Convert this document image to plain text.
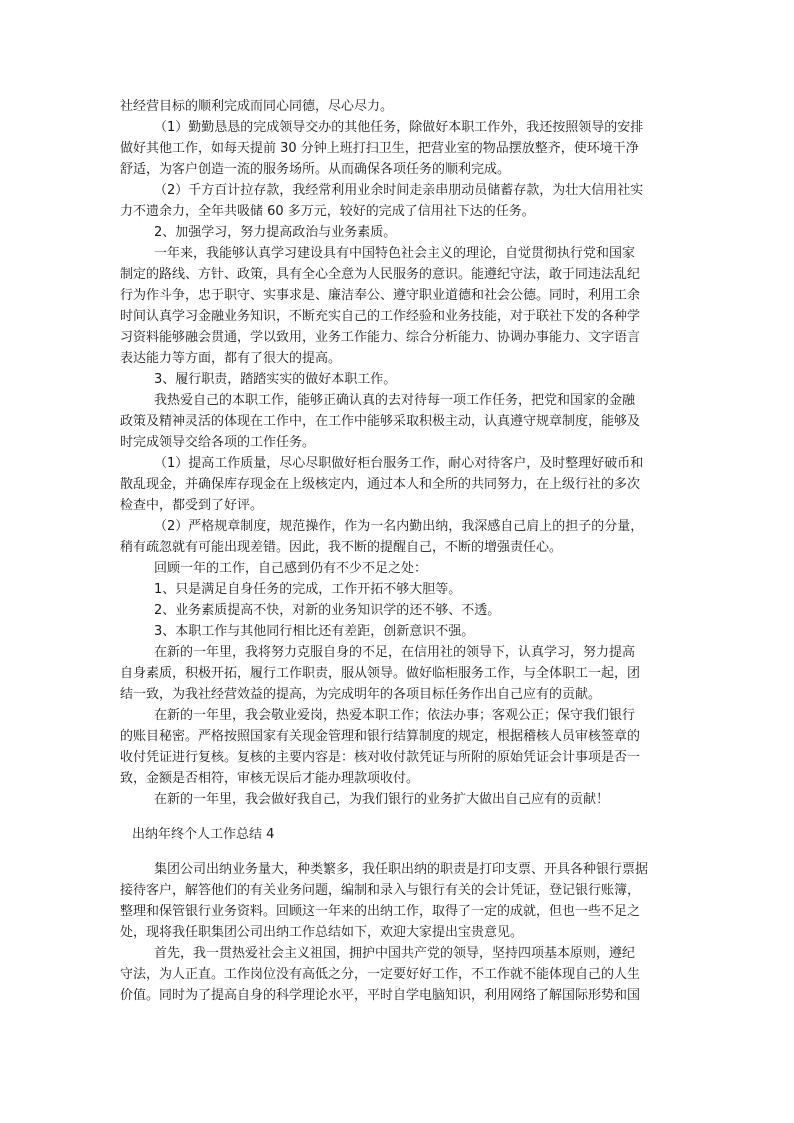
社经营目标的顺利完成而同心同德，尽心尽力。
（1）勤勤恳恳的完成领导交办的其他任务，除做好本职工作外，我还按照领导的安排
做好其他工作，如每天提前 30 分钟上班打扫卫生，把营业室的物品摆放整齐，使环境干净
舒适，为客户创造一流的服务场所。从而确保各项任务的顺利完成。
（2）千方百计拉存款，我经常利用业余时间走亲串朋动员储蓄存款，为壮大信用社实
力不遗余力，全年共吸储 60 多万元，较好的完成了信用社下达的任务。
2、加强学习，努力提高政治与业务素质。
一年来，我能够认真学习建设具有中国特色社会主义的理论，自觉贯彻执行党和国家
制定的路线、方针、政策，具有全心全意为人民服务的意识。能遵纪守法，敢于同违法乱纪
行为作斗争，忠于职守、实事求是、廉洁奉公、遵守职业道德和社会公德。同时，利用工余
时间认真学习金融业务知识，不断充实自己的工作经验和业务技能，对于联社下发的各种学
习资料能够融会贯通，学以致用，业务工作能力、综合分析能力、协调办事能力、文字语言
表达能力等方面，都有了很大的提高。
3、履行职责，踏踏实实的做好本职工作。
我热爱自己的本职工作，能够正确认真的去对待每一项工作任务，把党和国家的金融
政策及精神灵活的体现在工作中，在工作中能够采取积极主动，认真遵守规章制度，能够及
时完成领导交给各项的工作任务。
（1）提高工作质量，尽心尽职做好柜台服务工作，耐心对待客户，及时整理好破币和
散乱现金，并确保库存现金在上级核定内，通过本人和全所的共同努力，在上级行社的多次
检查中，都受到了好评。
（2）严格规章制度，规范操作，作为一名内勤出纳，我深感自己肩上的担子的分量，
稍有疏忽就有可能出现差错。因此，我不断的提醒自己，不断的增强责任心。
回顾一年的工作，自己感到仍有不少不足之处：
1、只是满足自身任务的完成，工作开拓不够大胆等。
2、业务素质提高不快，对新的业务知识学的还不够、不透。
3、本职工作与其他同行相比还有差距，创新意识不强。
在新的一年里，我将努力克服自身的不足，在信用社的领导下，认真学习，努力提高
自身素质，积极开拓，履行工作职责，服从领导。做好临柜服务工作，与全体职工一起，团
结一致，为我社经营效益的提高，为完成明年的各项目标任务作出自己应有的贡献。
在新的一年里，我会敬业爱岗，热爱本职工作；依法办事；客观公正；保守我们银行
的账目秘密。严格按照国家有关现金管理和银行结算制度的规定，根据稽核人员审核签章的
收付凭证进行复核。复核的主要内容是：核对收付款凭证与所附的原始凭证会计事项是否一
致，金额是否相符，审核无误后才能办理款项收付。
在新的一年里，我会做好我自己，为我们银行的业务扩大做出自己应有的贡献！
出纳年终个人工作总结 4
集团公司出纳业务量大，种类繁多，我任职出纳的职责是打印支票、开具各种银行票据
接待客户，解答他们的有关业务问题，编制和录入与银行有关的会计凭证，登记银行账簿，
整理和保管银行业务资料。回顾这一年来的出纳工作，取得了一定的成就，但也一些不足之
处，现将我任职集团公司出纳工作总结如下，欢迎大家提出宝贵意见。
首先，我一贯热爱社会主义祖国，拥护中国共产党的领导，坚持四项基本原则，遵纪
守法，为人正直。工作岗位没有高低之分，一定要好好工作，不工作就不能体现自己的人生
价值。同时为了提高自身的科学理论水平，平时自学电脑知识，利用网络了解国际形势和国
